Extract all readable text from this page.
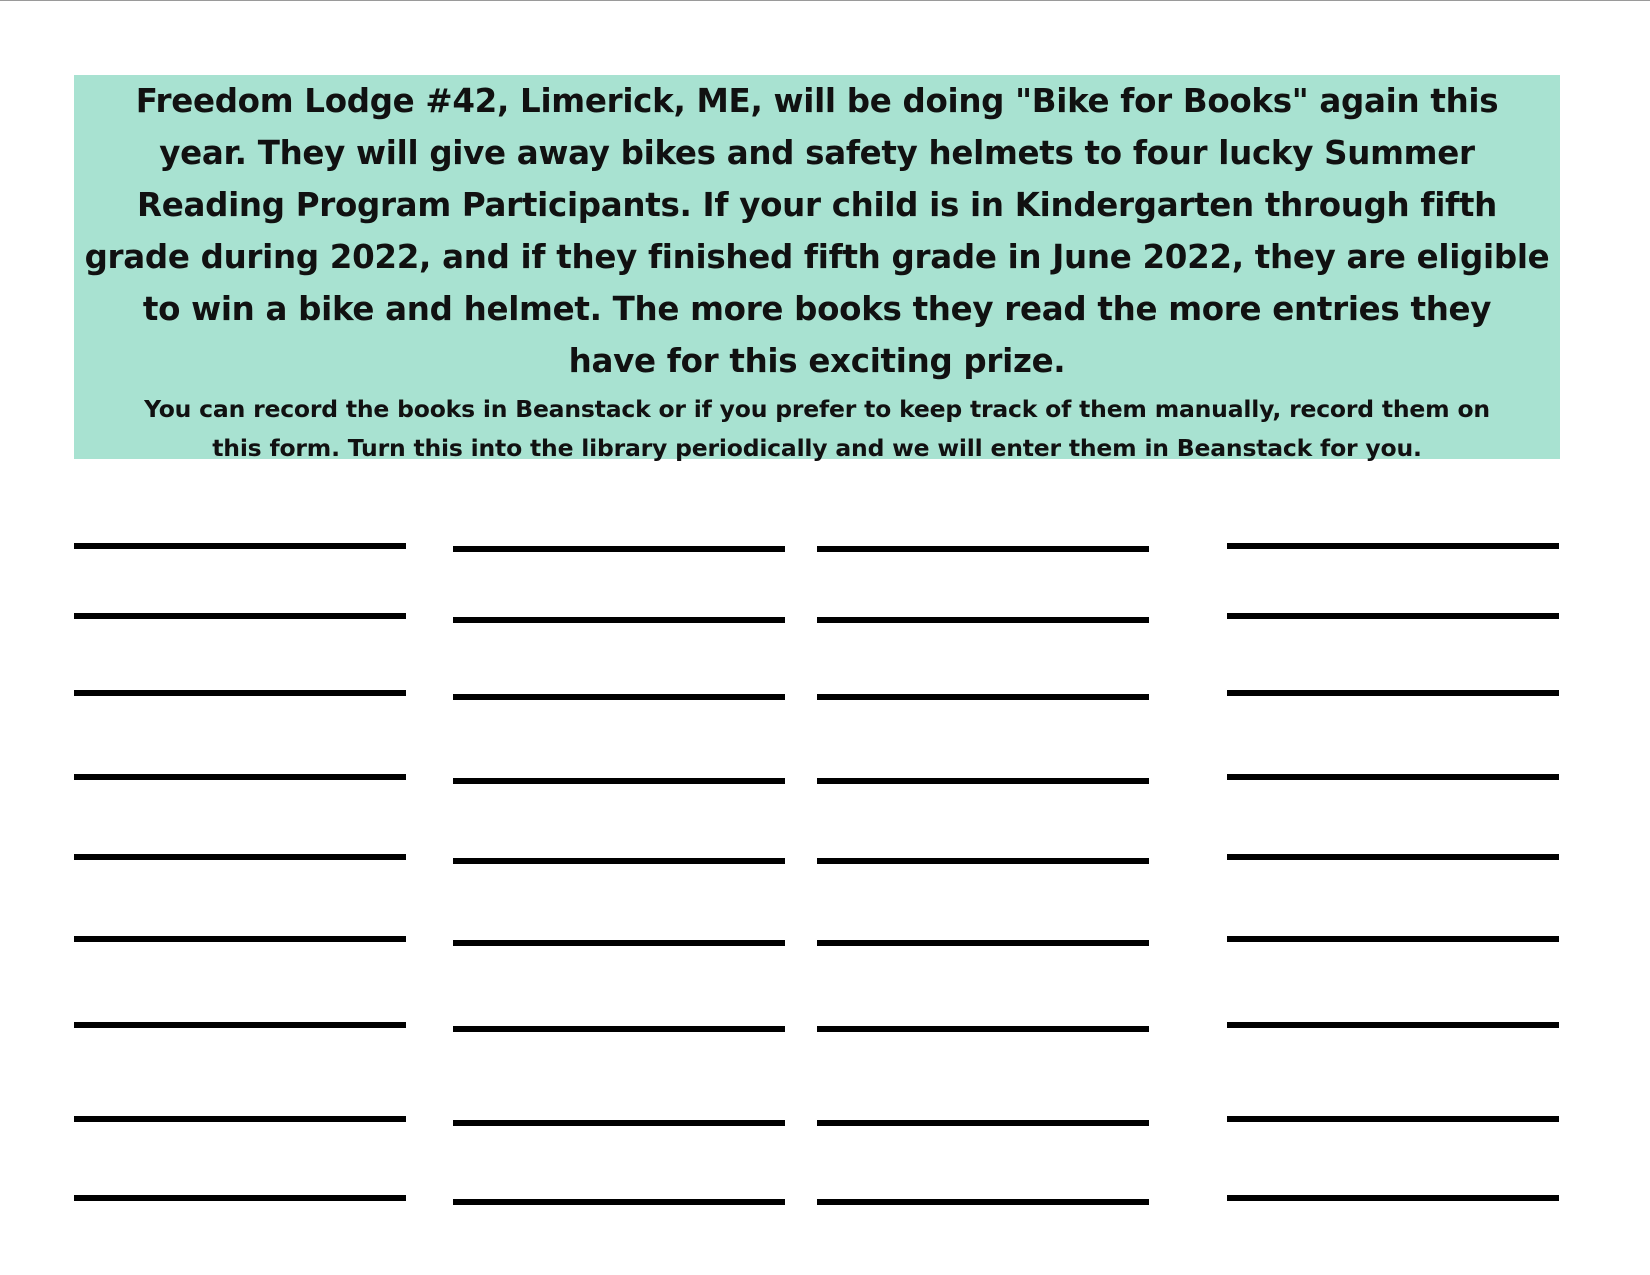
Freedom Lodge #42, Limerick, ME, will be doing "Bike for Books" again this
year. They will give away bikes and safety helmets to four lucky Summer
Reading Program Participants. If your child is in Kindergarten through fifth
grade during 2022, and if they finished fifth grade in June 2022, they are eligible
to win a bike and helmet. The more books they read the more entries they
have for this exciting prize.

You can record the books in Beanstack or if you prefer to keep track of them manually, record them on
this form. Turn this into the library periodically and we will enter them in Beanstack for you.
